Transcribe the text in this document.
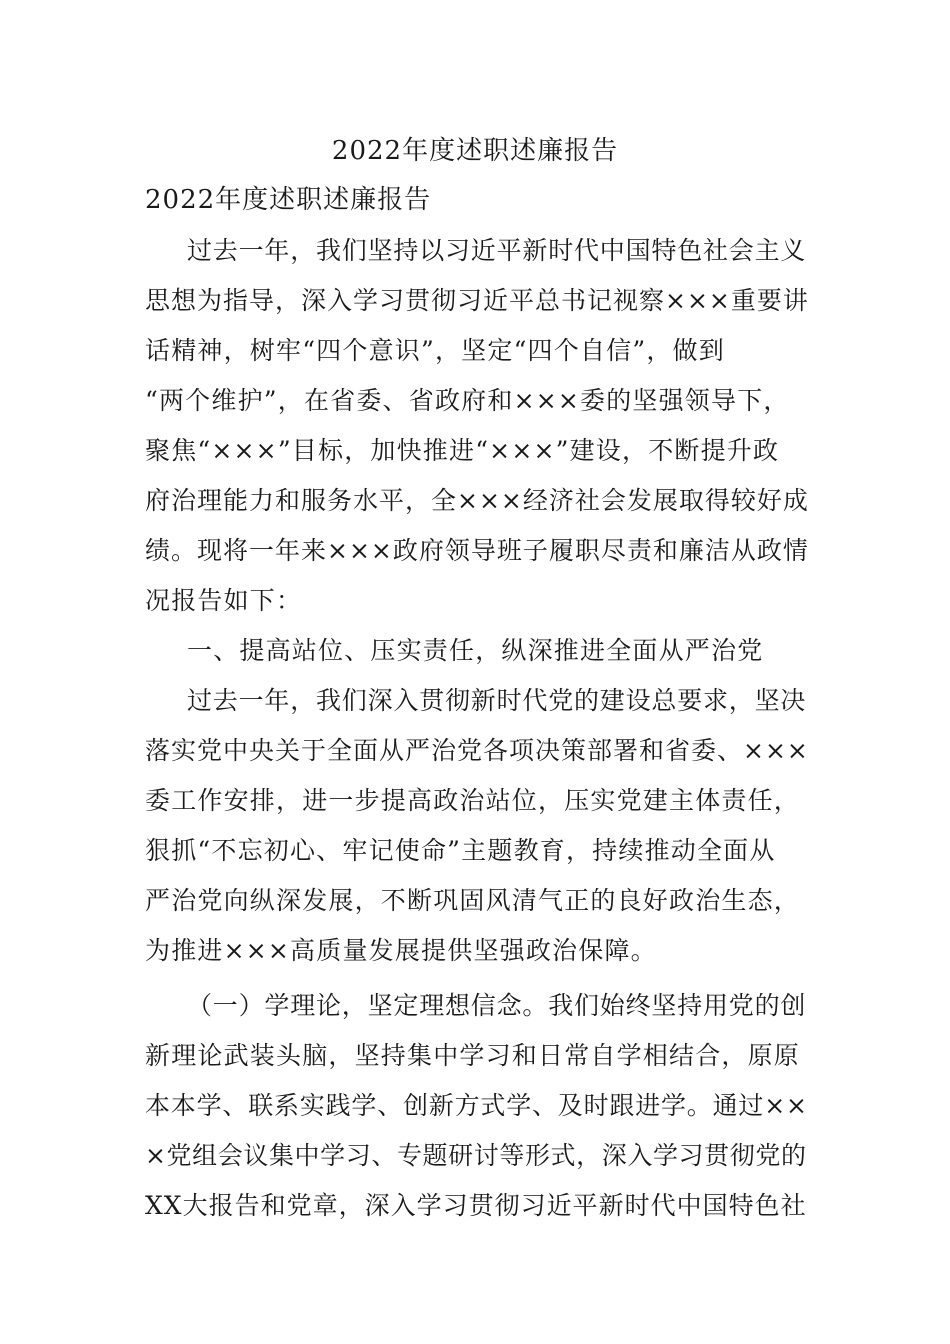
2022年度述职述廉报告
2022年度述职述廉报告
过去一年，我们坚持以习近平新时代中国特色社会主义
思想为指导，深入学习贯彻习近平总书记视察×××重要讲
话精神，树牢“四个意识”，坚定“四个自信”，做到
“两个维护”，在省委、省政府和×××委的坚强领导下，
聚焦“×××”目标，加快推进“×××”建设，不断提升政
府治理能力和服务水平，全×××经济社会发展取得较好成
绩。现将一年来×××政府领导班子履职尽责和廉洁从政情
况报告如下：
一、提高站位、压实责任，纵深推进全面从严治党
过去一年，我们深入贯彻新时代党的建设总要求，坚决
落实党中央关于全面从严治党各项决策部署和省委、×××
委工作安排，进一步提高政治站位，压实党建主体责任，
狠抓“不忘初心、牢记使命”主题教育，持续推动全面从
严治党向纵深发展，不断巩固风清气正的良好政治生态，
为推进×××高质量发展提供坚强政治保障。
（一）学理论，坚定理想信念。我们始终坚持用党的创
新理论武装头脑，坚持集中学习和日常自学相结合，原原
本本学、联系实践学、创新方式学、及时跟进学。通过××
×党组会议集中学习、专题研讨等形式，深入学习贯彻党的
XX大报告和党章，深入学习贯彻习近平新时代中国特色社
